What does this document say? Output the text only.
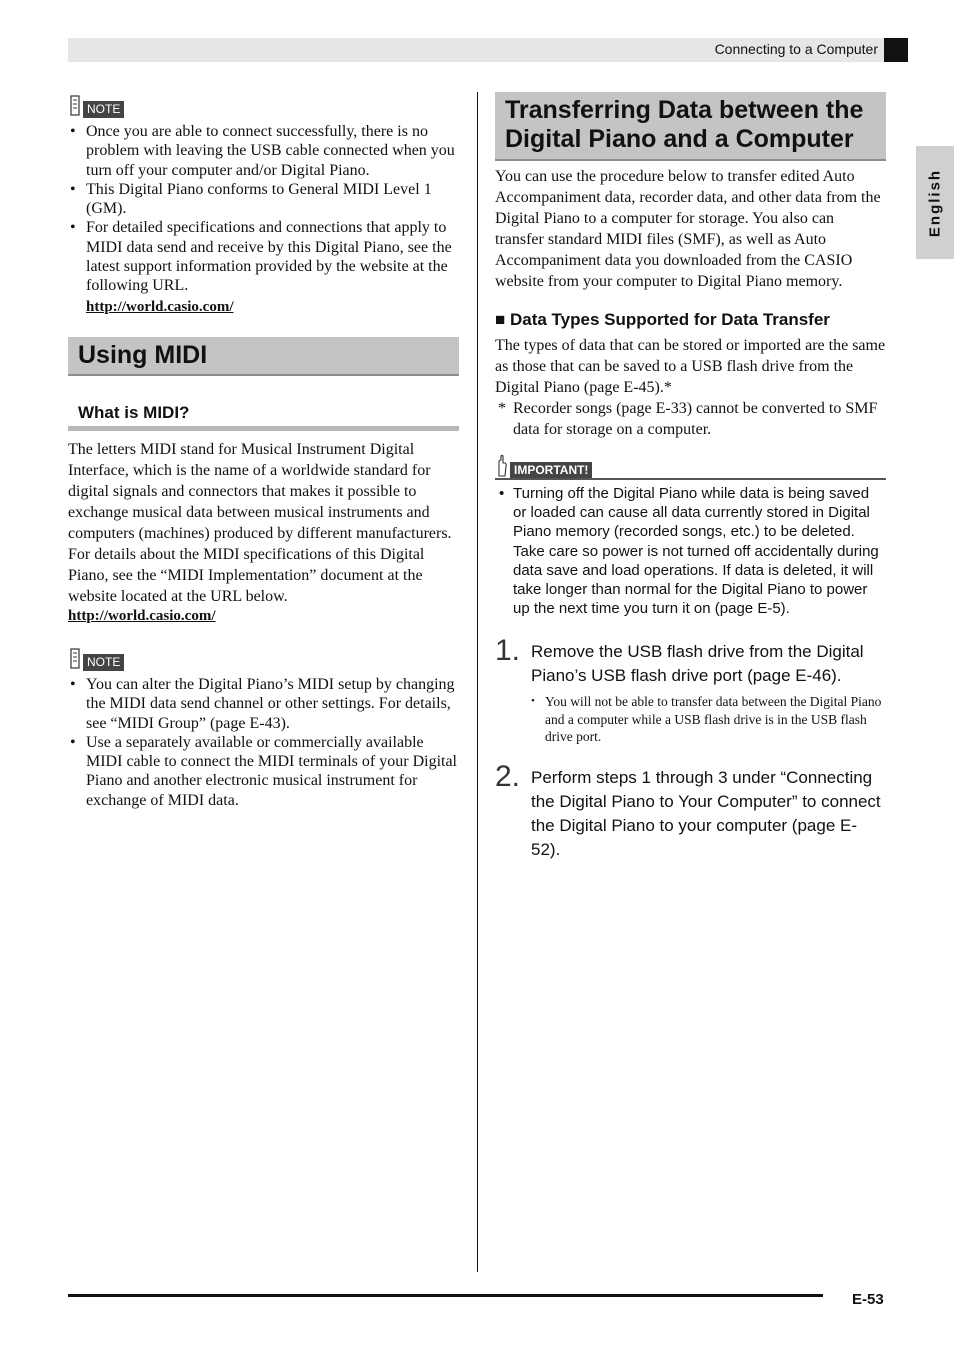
Connecting to a Computer
English
NOTE
• Once you are able to connect successfully, there is no problem with leaving the USB cable connected when you turn off your computer and/or Digital Piano.
• This Digital Piano conforms to General MIDI Level 1 (GM).
• For detailed specifications and connections that apply to MIDI data send and receive by this Digital Piano, see the latest support information provided by the website at the following URL.
http://world.casio.com/
Using MIDI
What is MIDI?

The letters MIDI stand for Musical Instrument Digital Interface, which is the name of a worldwide standard for digital signals and connectors that makes it possible to exchange musical data between musical instruments and computers (machines) produced by different manufacturers.

For details about the MIDI specifications of this Digital Piano, see the “MIDI Implementation” document at the website located at the URL below.

http://world.casio.com/
NOTE
• You can alter the Digital Piano’s MIDI setup by changing the MIDI data send channel or other settings. For details, see “MIDI Group” (page E-43).
• Use a separately available or commercially available MIDI cable to connect the MIDI terminals of your Digital Piano and another electronic musical instrument for exchange of MIDI data.
Transferring Data between the Digital Piano and a Computer

You can use the procedure below to transfer edited Auto Accompaniment data, recorder data, and other data from the Digital Piano to a computer for storage. You also can transfer standard MIDI files (SMF), as well as Auto Accompaniment data you downloaded from the CASIO website from your computer to Digital Piano memory.

■ Data Types Supported for Data Transfer

The types of data that can be stored or imported are the same as those that can be saved to a USB flash drive from the Digital Piano (page E-45).*

* Recorder songs (page E-33) cannot be converted to SMF data for storage on a computer.
IMPORTANT!
• Turning off the Digital Piano while data is being saved or loaded can cause all data currently stored in Digital Piano memory (recorded songs, etc.) to be deleted. Take care so power is not turned off accidentally during data save and load operations. If data is deleted, it will take longer than normal for the Digital Piano to power up the next time you turn it on (page E-5).
1. Remove the USB flash drive from the Digital Piano’s USB flash drive port (page E-46).
• You will not be able to transfer data between the Digital Piano and a computer while a USB flash drive is in the USB flash drive port.
2. Perform steps 1 through 3 under “Connecting the Digital Piano to Your Computer” to connect the Digital Piano to your computer (page E-52).
E-53
